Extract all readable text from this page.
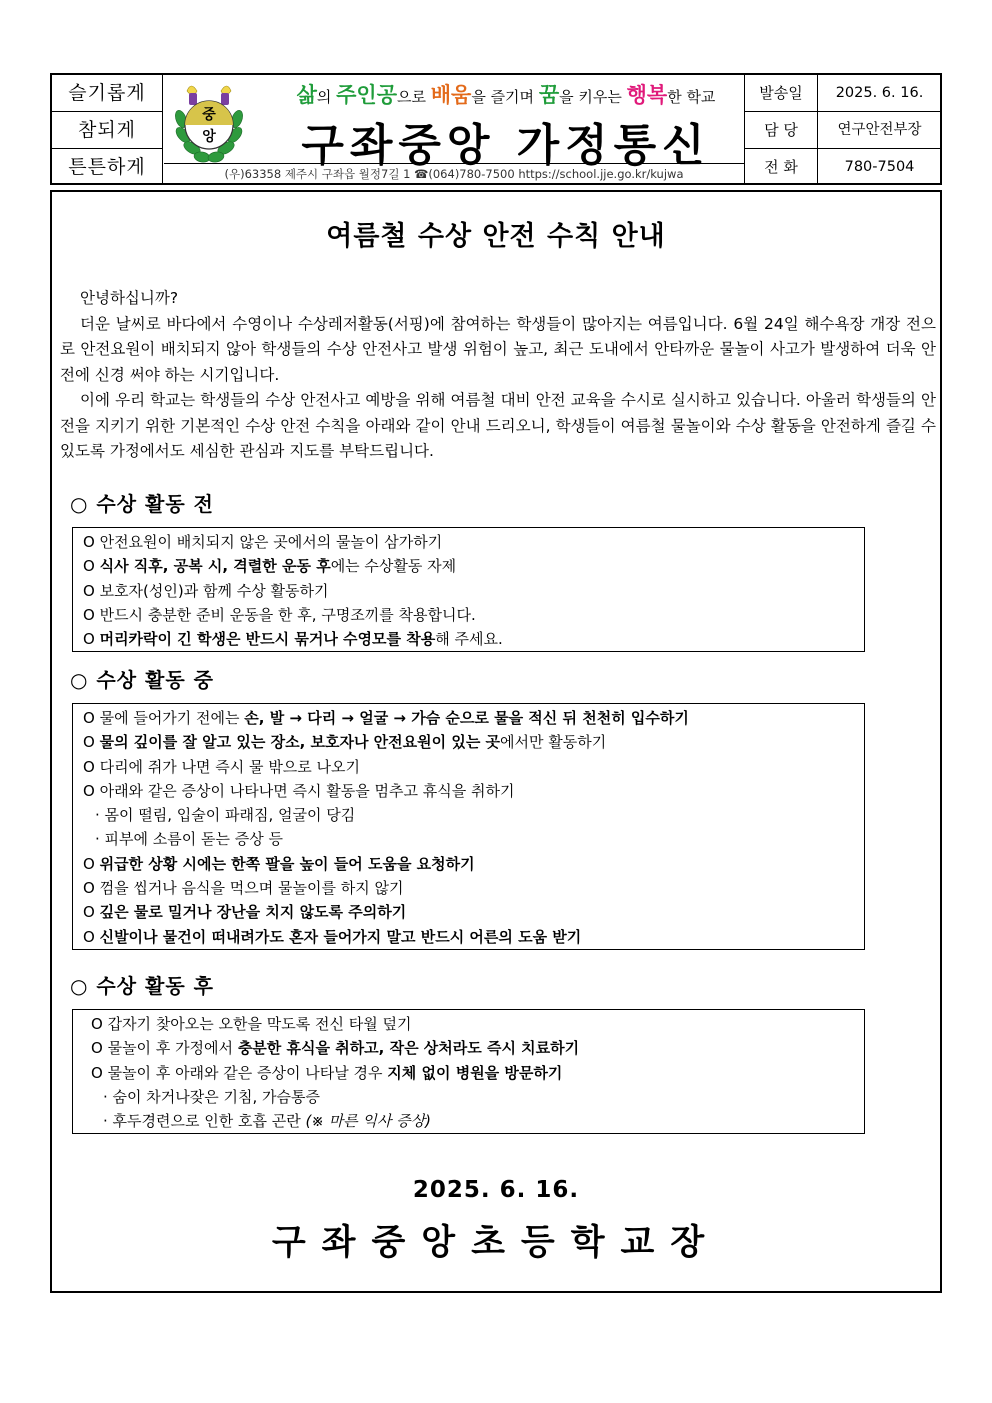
슬기롭게
참되게
튼튼하게
중
앙
삶의 주인공으로 배움을 즐기며 꿈을 키우는 행복한 학교
구좌중앙 가정통신
(우)63358 제주시 구좌읍 월정7길 1 ☎(064)780-7500 https://school.jje.go.kr/kujwa
발송일	2025. 6. 16.
담 당	연구안전부장
전 화	780-7504
여름철 수상 안전 수칙 안내

안녕하십니까?

더운 날씨로 바다에서 수영이나 수상레저활동(서핑)에 참여하는 학생들이 많아지는 여름입니다. 6월 24일 해수욕장 개장 전으로 안전요원이 배치되지 않아 학생들의 수상 안전사고 발생 위험이 높고, 최근 도내에서 안타까운 물놀이 사고가 발생하여 더욱 안전에 신경 써야 하는 시기입니다.

이에 우리 학교는 학생들의 수상 안전사고 예방을 위해 여름철 대비 안전 교육을 수시로 실시하고 있습니다. 아울러 학생들의 안전을 지키기 위한 기본적인 수상 안전 수칙을 아래와 같이 안내 드리오니, 학생들이 여름철 물놀이와 수상 활동을 안전하게 즐길 수 있도록 가정에서도 세심한 관심과 지도를 부탁드립니다.

○ 수상 활동 전
O 안전요원이 배치되지 않은 곳에서의 물놀이 삼가하기
O 식사 직후, 공복 시, 격렬한 운동 후에는 수상활동 자제
O 보호자(성인)과 함께 수상 활동하기
O 반드시 충분한 준비 운동을 한 후, 구명조끼를 착용합니다.
O 머리카락이 긴 학생은 반드시 묶거나 수영모를 착용해 주세요.
○ 수상 활동 중
O 물에 들어가기 전에는 손, 발 → 다리 → 얼굴 → 가슴 순으로 물을 적신 뒤 천천히 입수하기
O 물의 깊이를 잘 알고 있는 장소, 보호자나 안전요원이 있는 곳에서만 활동하기
O 다리에 쥐가 나면 즉시 물 밖으로 나오기
O 아래와 같은 증상이 나타나면 즉시 활동을 멈추고 휴식을 취하기
· 몸이 떨림, 입술이 파래짐, 얼굴이 당김
· 피부에 소름이 돋는 증상 등
O 위급한 상황 시에는 한쪽 팔을 높이 들어 도움을 요청하기
O 껌을 씹거나 음식을 먹으며 물놀이를 하지 않기
O 깊은 물로 밀거나 장난을 치지 않도록 주의하기
O 신발이나 물건이 떠내려가도 혼자 들어가지 말고 반드시 어른의 도움 받기
○ 수상 활동 후
O 갑자기 찾아오는 오한을 막도록 전신 타월 덮기
O 물놀이 후 가정에서 충분한 휴식을 취하고, 작은 상처라도 즉시 치료하기
O 물놀이 후 아래와 같은 증상이 나타날 경우 지체 없이 병원을 방문하기
· 숨이 차거나잦은 기침, 가슴통증
· 후두경련으로 인한 호흡 곤란 (※ 마른 익사 증상)
2025. 6. 16.
구좌중앙초등학교장
